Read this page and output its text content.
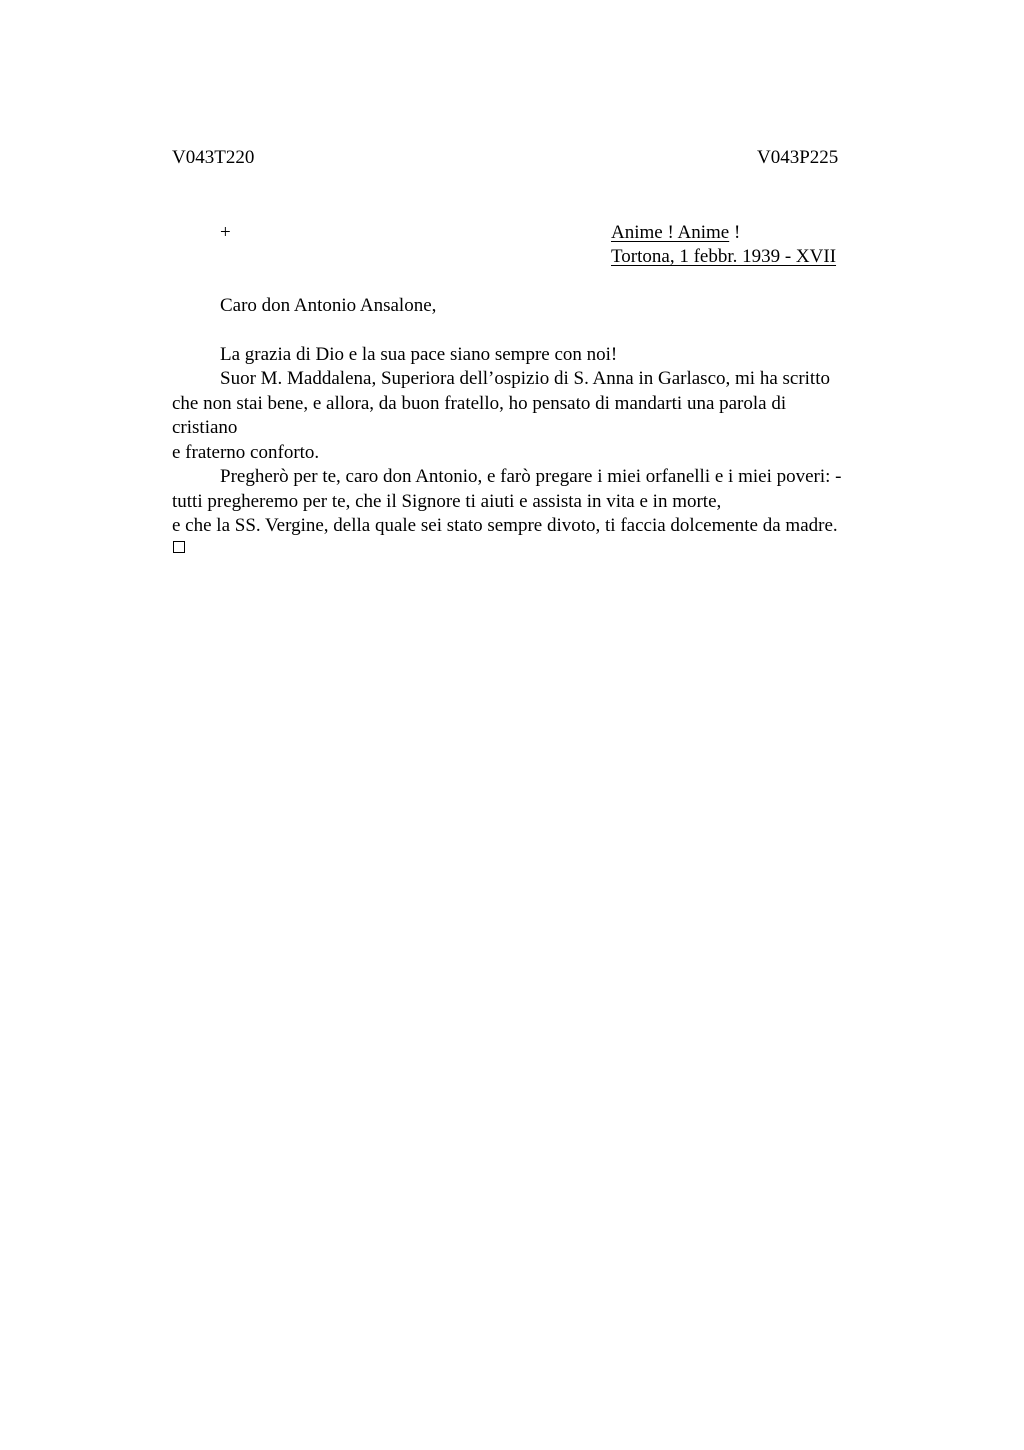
V043T220	V043P225
+	Anime ! Anime !
Tortona, 1 febbr. 1939 - XVII
Caro don Antonio Ansalone,
La grazia di Dio e la sua pace siano sempre con noi!
Suor M. Maddalena, Superiora dell’ospizio di S. Anna in Garlasco, mi ha scritto
che non stai bene, e allora, da buon fratello, ho pensato di mandarti una parola di
cristiano
e fraterno conforto.
Pregherò per te, caro don Antonio, e farò pregare i miei orfanelli e i miei poveri: -
tutti pregheremo per te, che il Signore ti aiuti e assista in vita e in morte,
e che la SS. Vergine, della quale sei stato sempre divoto, ti faccia dolcemente da madre.
